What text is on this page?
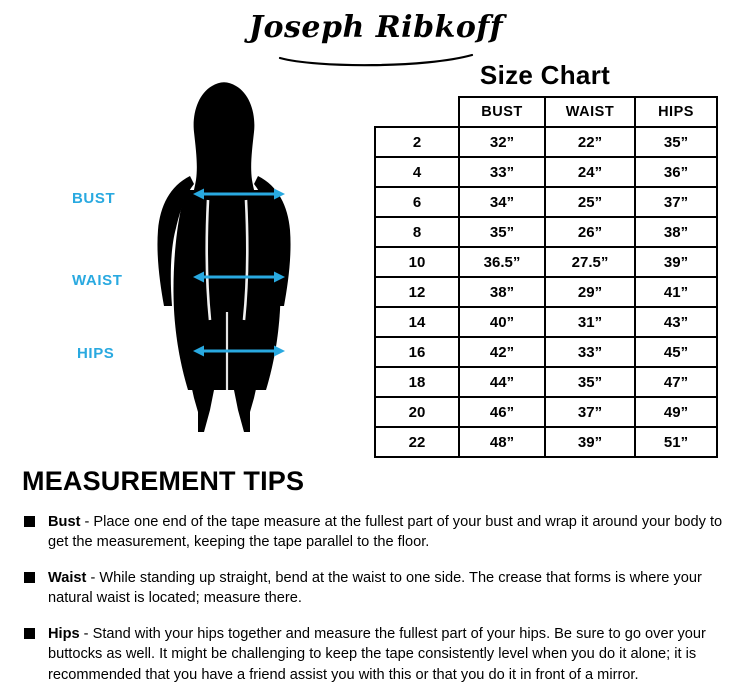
Joseph Ribkoff
BUST
WAIST
HIPS
Size Chart
	BUST	WAIST	HIPS
2	32”	22”	35”
4	33”	24”	36”
6	34”	25”	37”
8	35”	26”	38”
10	36.5”	27.5”	39”
12	38”	29”	41”
14	40”	31”	43”
16	42”	33”	45”
18	44”	35”	47”
20	46”	37”	49”
22	48”	39”	51”
MEASUREMENT TIPS

Bust - Place one end of the tape measure at the fullest part of your bust and wrap it around your body to get the measurement, keeping the tape parallel to the floor.

Waist - While standing up straight, bend at the waist to one side. The crease that forms is where your natural waist is located; measure there.

Hips - Stand with your hips together and measure the fullest part of your hips. Be sure to go over your buttocks as well. It might be challenging to keep the tape consistently level when you do it alone; it is recommended that you have a friend assist you with this or that you do it in front of a mirror.
